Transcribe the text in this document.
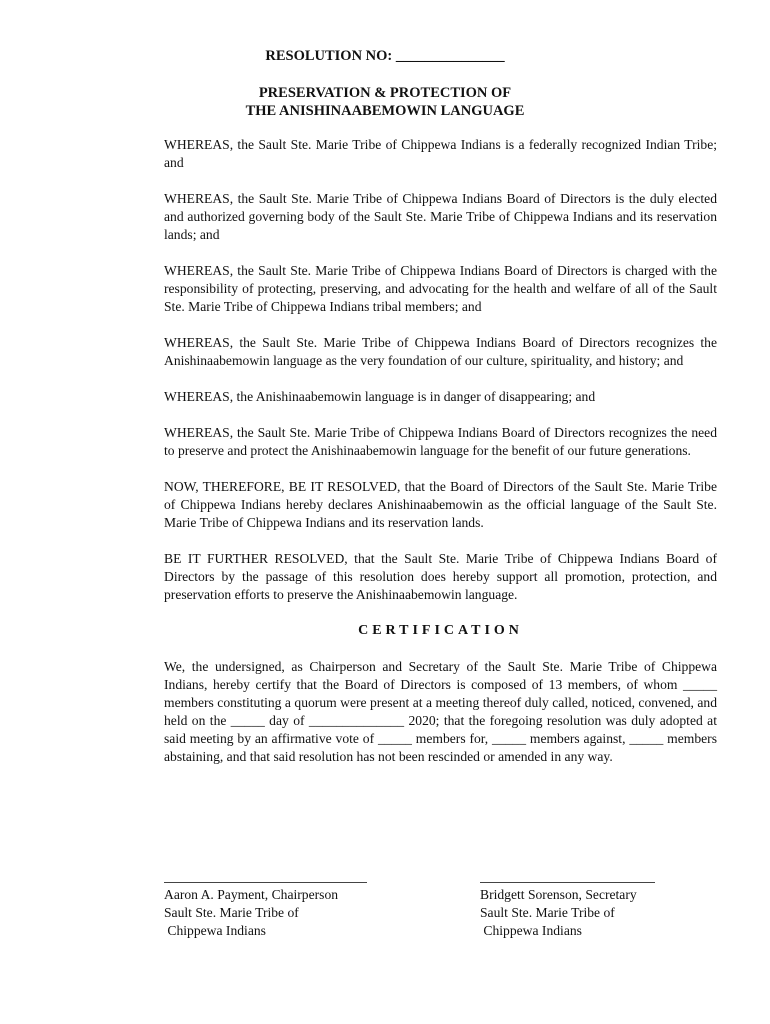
RESOLUTION NO: _______________
PRESERVATION & PROTECTION OF
THE ANISHINAABEMOWIN LANGUAGE

WHEREAS, the Sault Ste. Marie Tribe of Chippewa Indians is a federally recognized Indian Tribe; and

WHEREAS, the Sault Ste. Marie Tribe of Chippewa Indians Board of Directors is the duly elected and authorized governing body of the Sault Ste. Marie Tribe of Chippewa Indians and its reservation lands; and

WHEREAS, the Sault Ste. Marie Tribe of Chippewa Indians Board of Directors is charged with the responsibility of protecting, preserving, and advocating for the health and welfare of all of the Sault Ste. Marie Tribe of Chippewa Indians tribal members; and

WHEREAS, the Sault Ste. Marie Tribe of Chippewa Indians Board of Directors recognizes the Anishinaabemowin language as the very foundation of our culture, spirituality, and history; and

WHEREAS, the Anishinaabemowin language is in danger of disappearing; and

WHEREAS, the Sault Ste. Marie Tribe of Chippewa Indians Board of Directors recognizes the need to preserve and protect the Anishinaabemowin language for the benefit of our future generations.

NOW, THEREFORE, BE IT RESOLVED, that the Board of Directors of the Sault Ste. Marie Tribe of Chippewa Indians hereby declares Anishinaabemowin as the official language of the Sault Ste. Marie Tribe of Chippewa Indians and its reservation lands.

BE IT FURTHER RESOLVED, that the Sault Ste. Marie Tribe of Chippewa Indians Board of Directors by the passage of this resolution does hereby support all promotion, protection, and preservation efforts to preserve the Anishinaabemowin language.

CERTIFICATION

We, the undersigned, as Chairperson and Secretary of the Sault Ste. Marie Tribe of Chippewa Indians, hereby certify that the Board of Directors is composed of 13 members, of whom _____ members constituting a quorum were present at a meeting thereof duly called, noticed, convened, and held on the _____ day of ______________ 2020; that the foregoing resolution was duly adopted at said meeting by an affirmative vote of _____ members for, _____ members against, _____ members abstaining, and that said resolution has not been rescinded or amended in any way.

Aaron A. Payment, Chairperson
Sault Ste. Marie Tribe of
Chippewa Indians
Bridgett Sorenson, Secretary
Sault Ste. Marie Tribe of
Chippewa Indians
